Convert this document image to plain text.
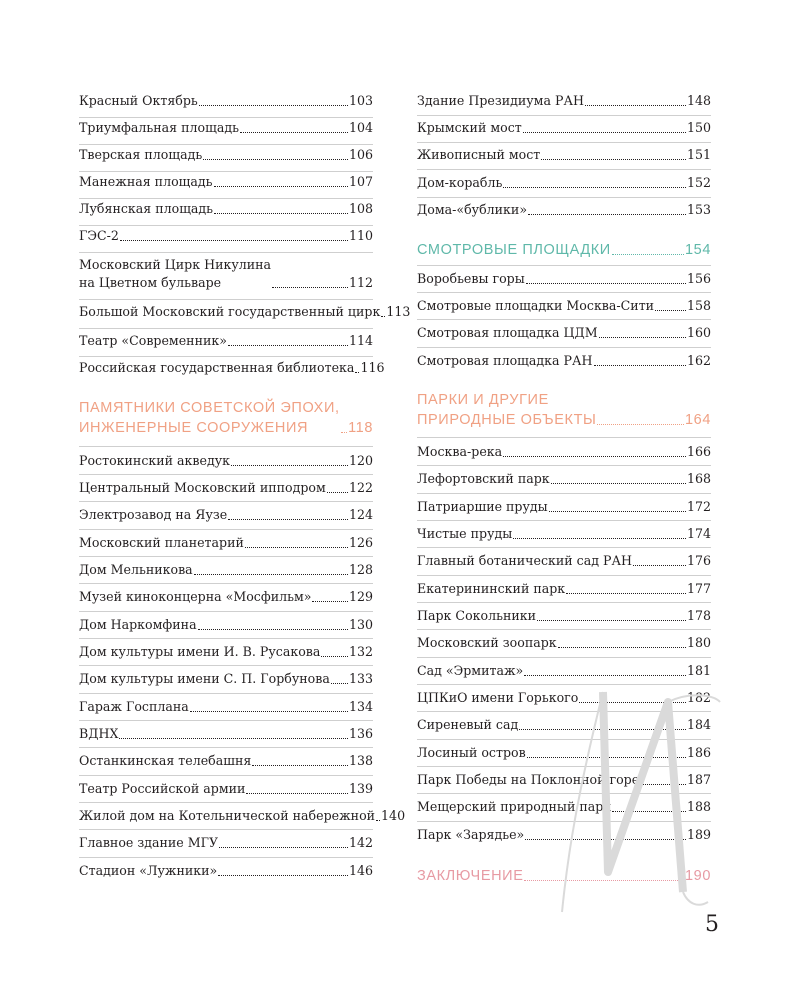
Красный Октябрь	103
Триумфальная площадь	104
Тверская площадь	106
Манежная площадь	107
Лубянская площадь	108
ГЭС-2	110
Московский Цирк Никулина
на Цветном бульваре	112
Большой Московский государственный цирк 113
Театр «Современник»	114
Российская государственная библиотека 116
ПАМЯТНИКИ СОВЕТСКОЙ ЭПОХИ,
ИНЖЕНЕРНЫЕ СООРУЖЕНИЯ	118
Ростокинский акведук	120
Центральный Московский ипподром 122
Электрозавод на Яузе	124
Московский планетарий	126
Дом Мельникова	128
Музей киноконцерна «Мосфильм»	129
Дом Наркомфина	130
Дом культуры имени И. В. Русакова 132
Дом культуры имени С. П. Горбунова 133
Гараж Госплана	134
ВДНХ	136
Останкинская телебашня	138
Театр Российской армии	139
Жилой дом на Котельнической набережной 140
Главное здание МГУ	142
Стадион «Лужники»	146
Здание Президиума РАН	148
Крымский мост	150
Живописный мост	151
Дом-корабль	152
Дома-«бублики»	153
СМОТРОВЫЕ ПЛОЩАДКИ	154
Воробьевы горы	156
Смотровые площадки Москва-Сити	158
Смотровая площадка ЦДМ	160
Смотровая площадка РАН	162
ПАРКИ И ДРУГИЕ
ПРИРОДНЫЕ ОБЪЕКТЫ	164
Москва-река	166
Лефортовский парк	168
Патриаршие пруды	172
Чистые пруды	174
Главный ботанический сад РАН	176
Екатерининский парк	177
Парк Сокольники	178
Московский зоопарк	180
Сад «Эрмитаж»	181
ЦПКиО имени Горького	182
Сиреневый сад	184
Лосиный остров	186
Парк Победы на Поклонной горе	187
Мещерский природный парк	188
Парк «Зарядье»	189
ЗАКЛЮЧЕНИЕ	190
5
